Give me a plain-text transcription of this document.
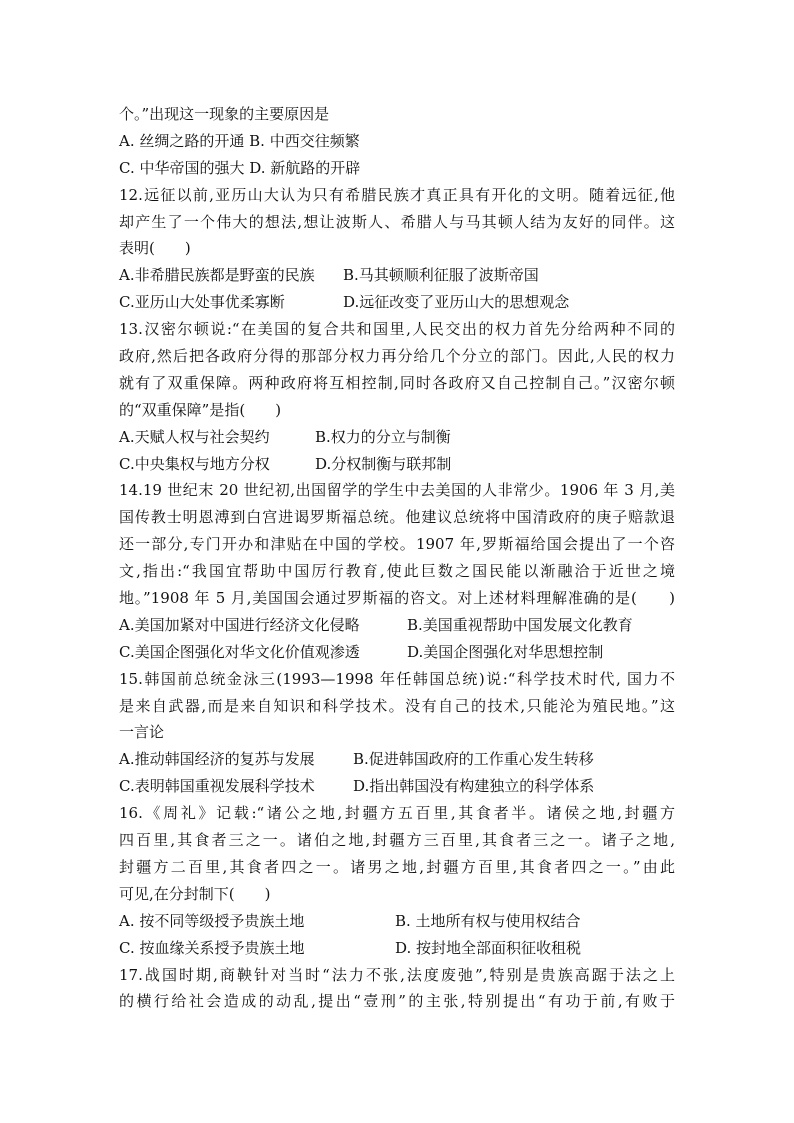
个。”出现这一现象的主要原因是
A. 丝绸之路的开通 B. 中西交往频繁
C. 中华帝国的强大 D. 新航路的开辟
12.远征以前,亚历山大认为只有希腊民族才真正具有开化的文明。随着远征,他
却产生了一个伟大的想法,想让波斯人、希腊人与马其顿人结为友好的同伴。这
表明(　　)
A.非希腊民族都是野蛮的民族	B.马其顿顺利征服了波斯帝国
C.亚历山大处事优柔寡断	D.远征改变了亚历山大的思想观念
13.汉密尔顿说:“在美国的复合共和国里,人民交出的权力首先分给两种不同的
政府,然后把各政府分得的那部分权力再分给几个分立的部门。因此,人民的权力
就有了双重保障。两种政府将互相控制,同时各政府又自己控制自己。”汉密尔顿
的“双重保障”是指(　　)
A.天赋人权与社会契约	B.权力的分立与制衡
C.中央集权与地方分权	D.分权制衡与联邦制
14.19 世纪末 20 世纪初,出国留学的学生中去美国的人非常少。1906 年 3 月,美
国传教士明恩溥到白宫进谒罗斯福总统。他建议总统将中国清政府的庚子赔款退
还一部分,专门开办和津贴在中国的学校。1907 年,罗斯福给国会提出了一个咨
文,指出:“我国宜帮助中国厉行教育,使此巨数之国民能以渐融洽于近世之境
地。”1908 年 5 月,美国国会通过罗斯福的咨文。对上述材料理解准确的是(　　)
A.美国加紧对中国进行经济文化侵略	B.美国重视帮助中国发展文化教育
C.美国企图强化对华文化价值观渗透	D.美国企图强化对华思想控制
15.韩国前总统金泳三(1993—1998 年任韩国总统)说:“科学技术时代, 国力不
是来自武器,而是来自知识和科学技术。没有自己的技术,只能沦为殖民地。”这
一言论
A.推动韩国经济的复苏与发展	B.促进韩国政府的工作重心发生转移
C.表明韩国重视发展科学技术	D.指出韩国没有构建独立的科学体系
16.《周礼》记载:“诸公之地,封疆方五百里,其食者半。诸侯之地,封疆方
四百里,其食者三之一。诸伯之地,封疆方三百里,其食者三之一。诸子之地,
封疆方二百里,其食者四之一。诸男之地,封疆方百里,其食者四之一。”由此
可见,在分封制下(　　)
A. 按不同等级授予贵族土地	B. 土地所有权与使用权结合
C. 按血缘关系授予贵族土地	D. 按封地全部面积征收租税
17.战国时期,商鞅针对当时“法力不张,法度废弛”,特别是贵族高踞于法之上
的横行给社会造成的动乱,提出“壹刑”的主张,特别提出“有功于前,有败于
